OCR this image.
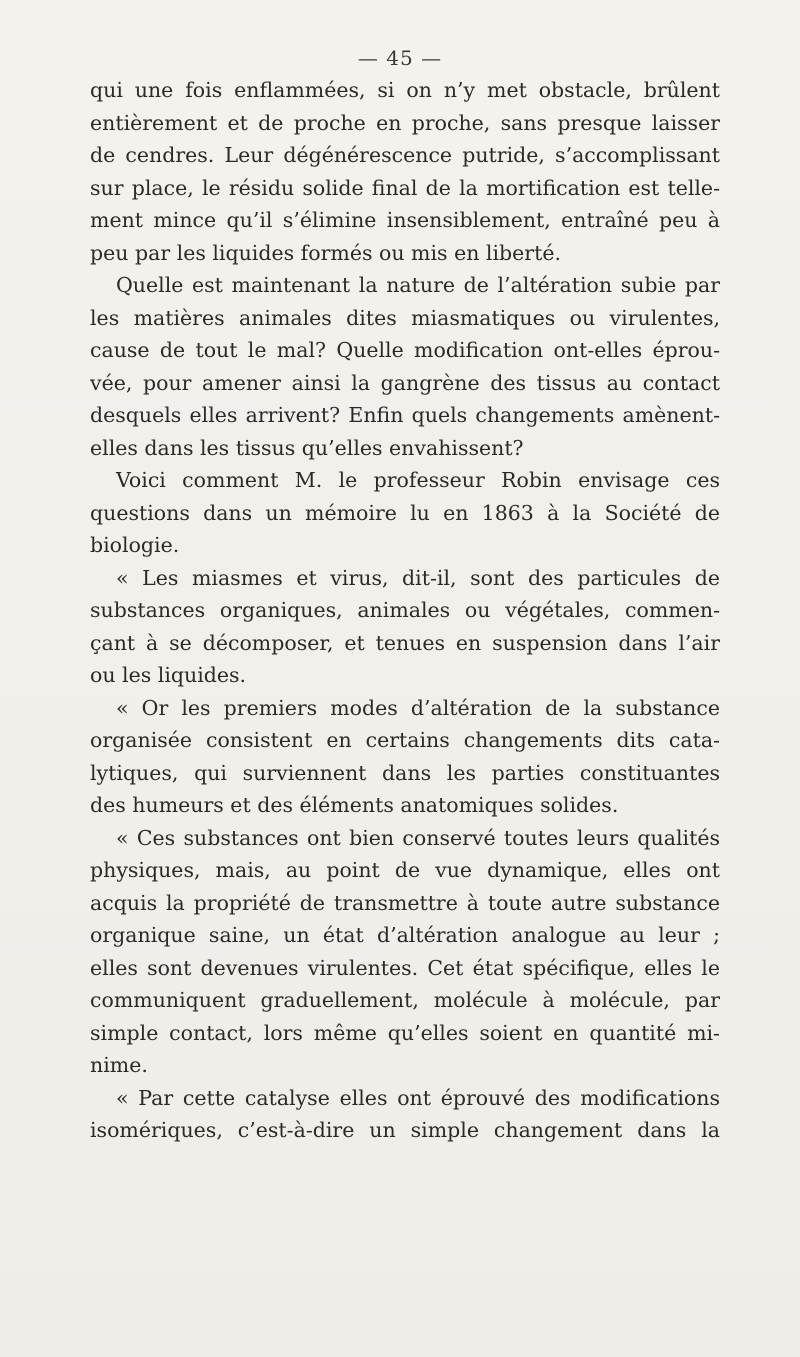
— 45 —
qui une fois enflammées, si on n’y met obstacle, brûlent
entièrement et de proche en proche, sans presque laisser
de cendres. Leur dégénérescence putride, s’accomplissant
sur place, le résidu solide final de la mortification est telle-
ment mince qu’il s’élimine insensiblement, entraîné peu à
peu par les liquides formés ou mis en liberté.
Quelle est maintenant la nature de l’altération subie par
les matières animales dites miasmatiques ou virulentes,
cause de tout le mal? Quelle modification ont-elles éprou-
vée, pour amener ainsi la gangrène des tissus au contact
desquels elles arrivent? Enfin quels changements amènent-
elles dans les tissus qu’elles envahissent?
Voici comment M. le professeur Robin envisage ces
questions dans un mémoire lu en 1863 à la Société de
biologie.
« Les miasmes et virus, dit-il, sont des particules de
substances organiques, animales ou végétales, commen-
çant à se décomposer, et tenues en suspension dans l’air
ou les liquides.
« Or les premiers modes d’altération de la substance
organisée consistent en certains changements dits cata-
lytiques, qui surviennent dans les parties constituantes
des humeurs et des éléments anatomiques solides.
« Ces substances ont bien conservé toutes leurs qualités
physiques, mais, au point de vue dynamique, elles ont
acquis la propriété de transmettre à toute autre substance
organique saine, un état d’altération analogue au leur ;
elles sont devenues virulentes. Cet état spécifique, elles le
communiquent graduellement, molécule à molécule, par
simple contact, lors même qu’elles soient en quantité mi-
nime.
« Par cette catalyse elles ont éprouvé des modifications
isomériques, c’est-à-dire un simple changement dans la
